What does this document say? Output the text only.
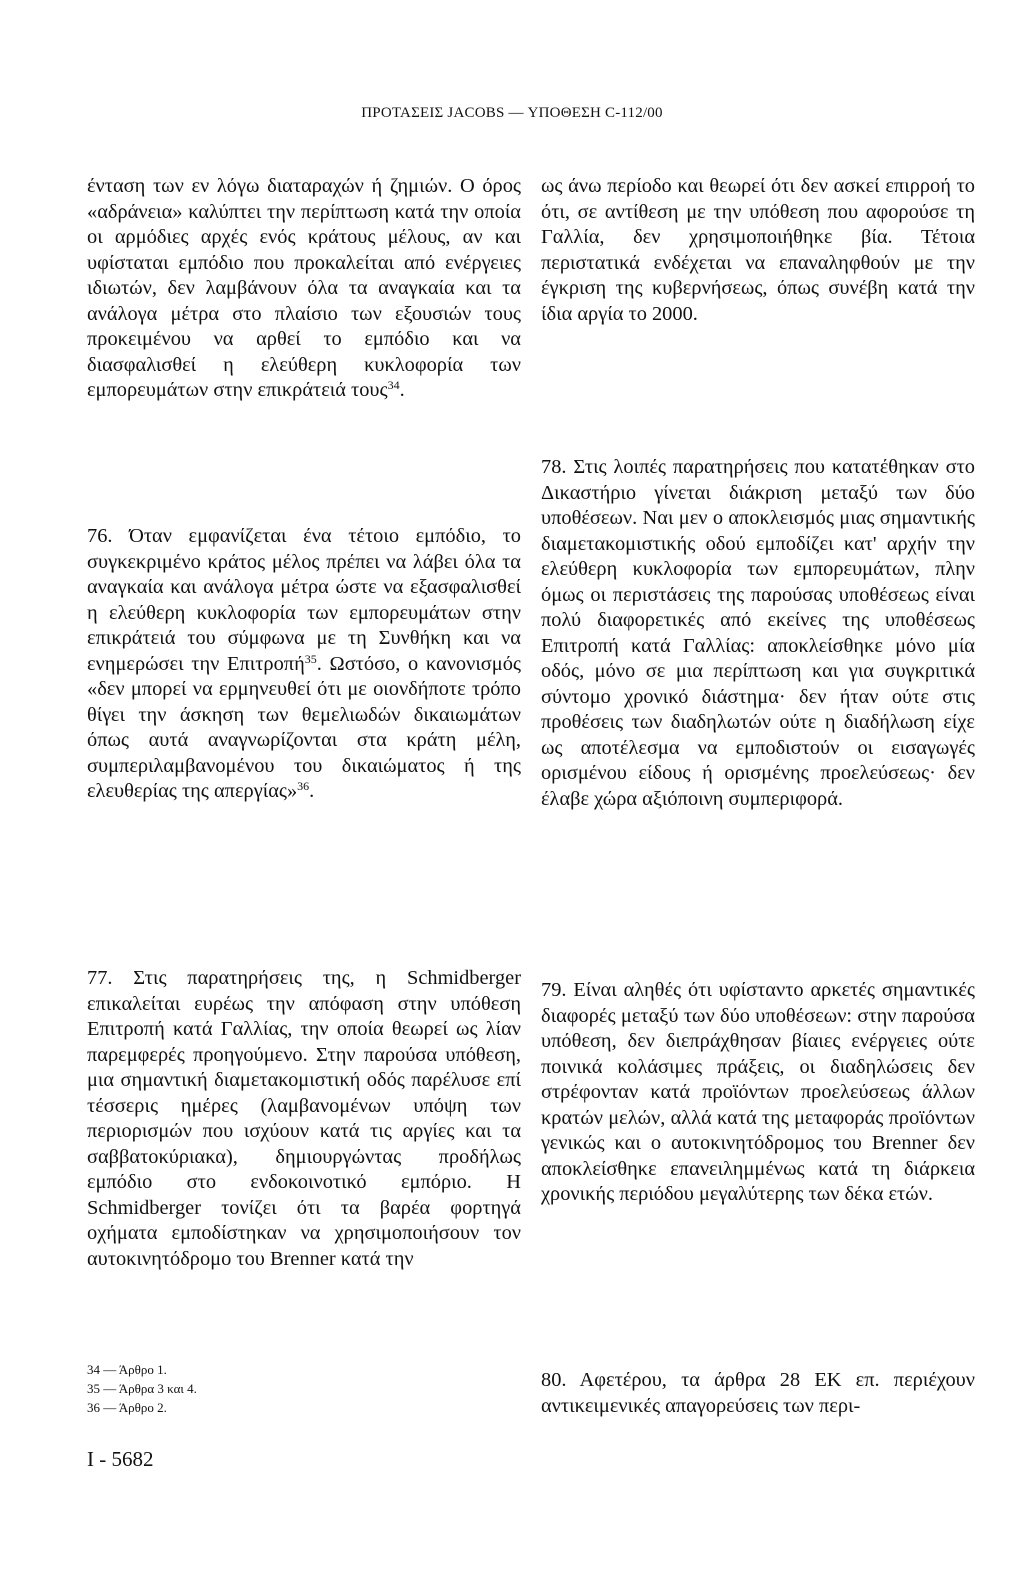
ΠΡΟΤΑΣΕΙΣ JACOBS — ΥΠΟΘΕΣΗ C-112/00

ένταση των εν λόγω διαταραχών ή ζημιών. Ο όρος «αδράνεια» καλύπτει την περίπτωση κατά την οποία οι αρμόδιες αρχές ενός κράτους μέλους, αν και υφίσταται εμπόδιο που προκαλείται από ενέργειες ιδιωτών, δεν λαμβάνουν όλα τα αναγκαία και τα ανάλογα μέτρα στο πλαίσιο των εξουσιών τους προκειμένου να αρθεί το εμπόδιο και να διασφαλισθεί η ελεύθερη κυκλοφορία των εμπορευμάτων στην επικράτειά τους$^{34}$.

76. Όταν εμφανίζεται ένα τέτοιο εμπόδιο, το συγκεκριμένο κράτος μέλος πρέπει να λάβει όλα τα αναγκαία και ανάλογα μέτρα ώστε να εξασφαλισθεί η ελεύθερη κυκλοφορία των εμπορευμάτων στην επικράτειά του σύμφωνα με τη Συνθήκη και να ενημερώσει την Επιτροπή$^{35}$. Ωστόσο, ο κανονισμός «δεν μπορεί να ερμηνευθεί ότι με οιονδήποτε τρόπο θίγει την άσκηση των θεμελιωδών δικαιωμάτων όπως αυτά αναγνωρίζονται στα κράτη μέλη, συμπεριλαμβανομένου του δικαιώματος ή της ελευθερίας της απεργίας»$^{36}$.

77. Στις παρατηρήσεις της, η Schmidberger επικαλείται ευρέως την απόφαση στην υπόθεση Επιτροπή κατά Γαλλίας, την οποία θεωρεί ως λίαν παρεμφερές προηγούμενο. Στην παρούσα υπόθεση, μια σημαντική διαμετακομιστική οδός παρέλυσε επί τέσσερις ημέρες (λαμβανομένων υπόψη των περιορισμών που ισχύουν κατά τις αργίες και τα σαββατοκύριακα), δημιουργώντας προδήλως εμπόδιο στο ενδοκοινοτικό εμπόριο. Η Schmidberger τονίζει ότι τα βαρέα φορτηγά οχήματα εμποδίστηκαν να χρησιμοποιήσουν τον αυτοκινητόδρομο του Brenner κατά την

ως άνω περίοδο και θεωρεί ότι δεν ασκεί επιρροή το ότι, σε αντίθεση με την υπόθεση που αφορούσε τη Γαλλία, δεν χρησιμοποιήθηκε βία. Τέτοια περιστατικά ενδέχεται να επαναληφθούν με την έγκριση της κυβερνήσεως, όπως συνέβη κατά την ίδια αργία το 2000.

78. Στις λοιπές παρατηρήσεις που κατατέθηκαν στο Δικαστήριο γίνεται διάκριση μεταξύ των δύο υποθέσεων. Ναι μεν ο αποκλεισμός μιας σημαντικής διαμετακομιστικής οδού εμποδίζει κατ' αρχήν την ελεύθερη κυκλοφορία των εμπορευμάτων, πλην όμως οι περιστάσεις της παρούσας υποθέσεως είναι πολύ διαφορετικές από εκείνες της υποθέσεως Επιτροπή κατά Γαλλίας: αποκλείσθηκε μόνο μία οδός, μόνο σε μια περίπτωση και για συγκριτικά σύντομο χρονικό διάστημα· δεν ήταν ούτε στις προθέσεις των διαδηλωτών ούτε η διαδήλωση είχε ως αποτέλεσμα να εμποδιστούν οι εισαγωγές ορισμένου είδους ή ορισμένης προελεύσεως· δεν έλαβε χώρα αξιόποινη συμπεριφορά.

79. Είναι αληθές ότι υφίσταντο αρκετές σημαντικές διαφορές μεταξύ των δύο υποθέσεων: στην παρούσα υπόθεση, δεν διεπράχθησαν βίαιες ενέργειες ούτε ποινικά κολάσιμες πράξεις, οι διαδηλώσεις δεν στρέφονταν κατά προϊόντων προελεύσεως άλλων κρατών μελών, αλλά κατά της μεταφοράς προϊόντων γενικώς και ο αυτοκινητόδρομος του Brenner δεν αποκλείσθηκε επανειλημμένως κατά τη διάρκεια χρονικής περιόδου μεγαλύτερης των δέκα ετών.

80. Αφετέρου, τα άρθρα 28 ΕΚ επ. περιέχουν αντικειμενικές απαγορεύσεις των περι-

34 — Άρθρο 1.
35 — Άρθρα 3 και 4.
36 — Άρθρο 2.
I - 5682
